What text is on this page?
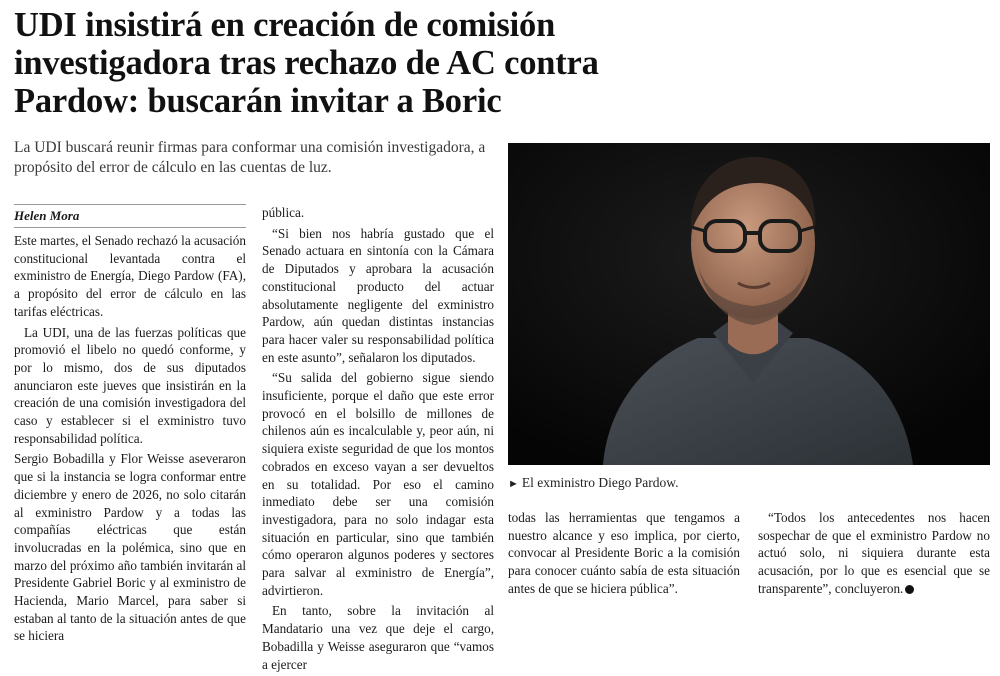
UDI insistirá en creación de comisión investigadora tras rechazo de AC contra Pardow: buscarán invitar a Boric
La UDI buscará reunir firmas para conformar una comisión investigadora, a propósito del error de cálculo en las cuentas de luz.
Helen Mora

Este martes, el Senado rechazó la acusación constitucional levantada contra el exministro de Energía, Diego Pardow (FA), a propósito del error de cálculo en las tarifas eléctricas.

La UDI, una de las fuerzas políticas que promovió el libelo no quedó conforme, y por lo mismo, dos de sus diputados anunciaron este jueves que insistirán en la creación de una comisión investigadora del caso y establecer si el exministro tuvo responsabilidad política.

Sergio Bobadilla y Flor Weisse aseveraron que si la instancia se logra conformar entre diciembre y enero de 2026, no solo citarán al exministro Pardow y a todas las compañías eléctricas que están involucradas en la polémica, sino que en marzo del próximo año también invitarán al Presidente Gabriel Boric y al exministro de Hacienda, Mario Marcel, para saber si estaban al tanto de la situación antes de que se hiciera

pública.

“Si bien nos habría gustado que el Senado actuara en sintonía con la Cámara de Diputados y aprobara la acusación constitucional producto del actuar absolutamente negligente del exministro Pardow, aún quedan distintas instancias para hacer valer su responsabilidad política en este asunto”, señalaron los diputados.

“Su salida del gobierno sigue siendo insuficiente, porque el daño que este error provocó en el bolsillo de millones de chilenos aún es incalculable y, peor aún, ni siquiera existe seguridad de que los montos cobrados en exceso vayan a ser devueltos en su totalidad. Por eso el camino inmediato debe ser una comisión investigadora, para no solo indagar esta situación en particular, sino que también cómo operaron algunos poderes y sectores para salvar al exministro de Energía”, advirtieron.

En tanto, sobre la invitación al Mandatario una vez que deje el cargo, Bobadilla y Weisse aseguraron que “vamos a ejercer

► El exministro Diego Pardow.

todas las herramientas que tengamos a nuestro alcance y eso implica, por cierto, convocar al Presidente Boric a la comisión para conocer cuánto sabía de esta situación antes de que se hiciera pública”.

“Todos los antecedentes nos hacen sospechar de que el exministro Pardow no actuó solo, ni siquiera durante esta acusación, por lo que es esencial que se transparente”, concluyeron.
